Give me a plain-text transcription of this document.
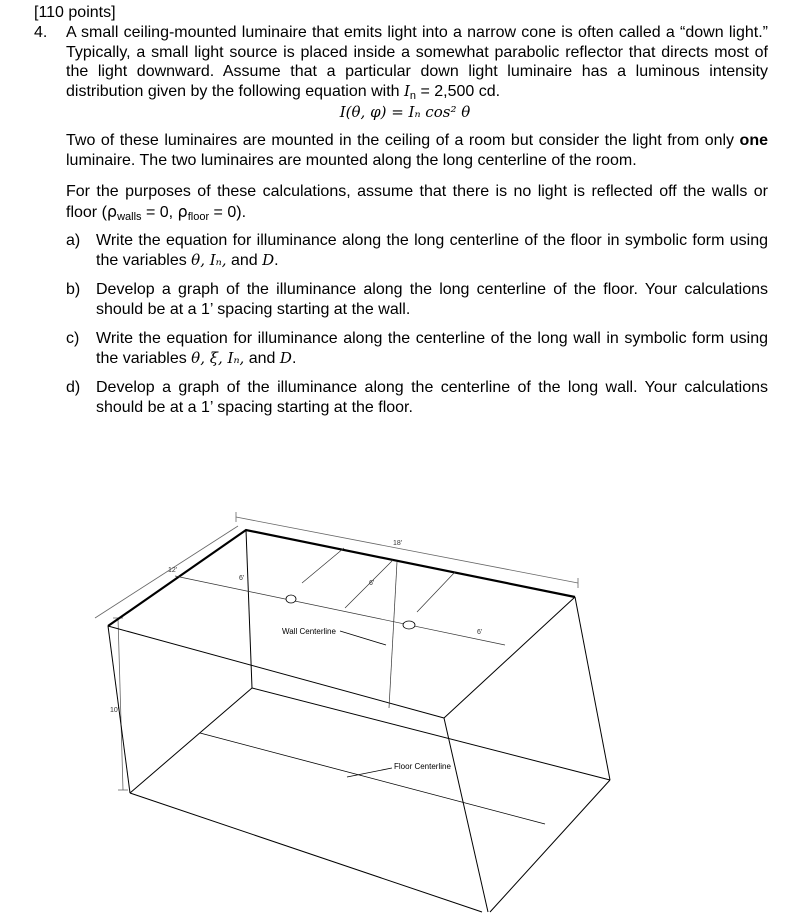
[110 points]
4. A small ceiling-mounted luminaire that emits light into a narrow cone is often called a “down light.” Typically, a small light source is placed inside a somewhat parabolic reflector that directs most of the light downward. Assume that a particular down light luminaire has a luminous intensity distribution given by the following equation with $I_n = 2,500$ cd.
I(θ, φ) = Iₙ cos² θ
Two of these luminaires are mounted in the ceiling of a room but consider the light from only one luminaire. The two luminaires are mounted along the long centerline of the room.
For the purposes of these calculations, assume that there is no light is reflected off the walls or floor ($\rho_{walls} = 0$, $\rho_{floor} = 0$).
a) Write the equation for illuminance along the long centerline of the floor in symbolic form using the variables θ, Iₙ, and D.
b) Develop a graph of the illuminance along the long centerline of the floor. Your calculations should be at a 1’ spacing starting at the wall.
c) Write the equation for illuminance along the centerline of the long wall in symbolic form using the variables θ, ξ, Iₙ, and D.
d) Develop a graph of the illuminance along the centerline of the long wall. Your calculations should be at a 1’ spacing starting at the floor.
18'
12'
10'
6'
6'
6'
Wall Centerline
Floor Centerline
